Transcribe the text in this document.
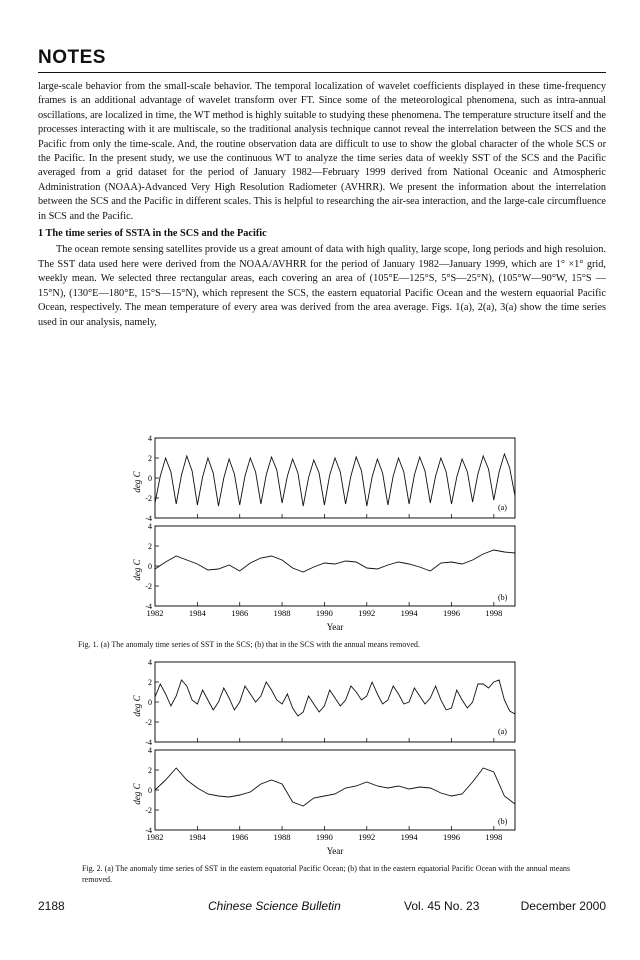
NOTES

large-scale behavior from the small-scale behavior. The temporal localization of wavelet coefficients displayed in these time-frequency frames is an additional advantage of wavelet transform over FT. Since some of the meteorological phenomena, such as intra-annual oscillations, are localized in time, the WT method is highly suitable to studying these phenomena. The temperature structure itself and the processes interacting with it are multiscale, so the traditional analysis technique cannot reveal the interrelation between the SCS and the Pacific from only the time-scale. And, the routine observation data are difficult to use to show the global character of the whole SCS or the Pacific. In the present study, we use the continuous WT to analyze the time series data of weekly SST of the SCS and the Pacific averaged from a grid dataset for the period of January 1982—February 1999 derived from National Oceanic and Atmospheric Administration (NOAA)-Advanced Very High Resolution Radiometer (AVHRR). We present the information about the interrelation between the SCS and the Pacific in different scales. This is helpful to researching the air-sea interaction, and the large-cale circumfluence in SCS and the Pacific.

1 The time series of SSTA in the SCS and the Pacific

The ocean remote sensing satellites provide us a great amount of data with high quality, large scope, long periods and high resoluion. The SST data used here were derived from the NOAA/AVHRR for the period of January 1982—January 1999, which are 1° ×1° grid, weekly mean. We selected three rectangular areas, each covering an area of (105°E—125°S, 5°S—25°N), (105°W—90°W, 15°S —15°N), (130°E—180°E, 15°S—15°N), which represent the SCS, the eastern equatorial Pacific Ocean and the western equaorial Pacific Ocean, respectively. The mean temperature of every area was derived from the area average. Figs. 1(a), 2(a), 3(a) show the time series used in our analysis, namely,

4
2
0
-2
-4
deg C
(a)
4
2
0
-2
-4
deg C
(b)
1982	1984	1986	1988	1990	1992	1994	1996	1998
Year
Fig. 1. (a) The anomaly time series of SST in the SCS; (b) that in the SCS with the annual means removed.
4
2
0
-2
-4
deg C
(a)
4
2
0
-2
-4
deg C
(b)
1982	1984	1986	1988	1990	1992	1994	1996	1998
Year
Fig. 2. (a) The anomaly time series of SST in the eastern equatorial Pacific Ocean; (b) that in the eastern equatorial Pacific Ocean with the annual means removed.
2188	Chinese Science Bulletin	Vol. 45 No. 23	December 2000
